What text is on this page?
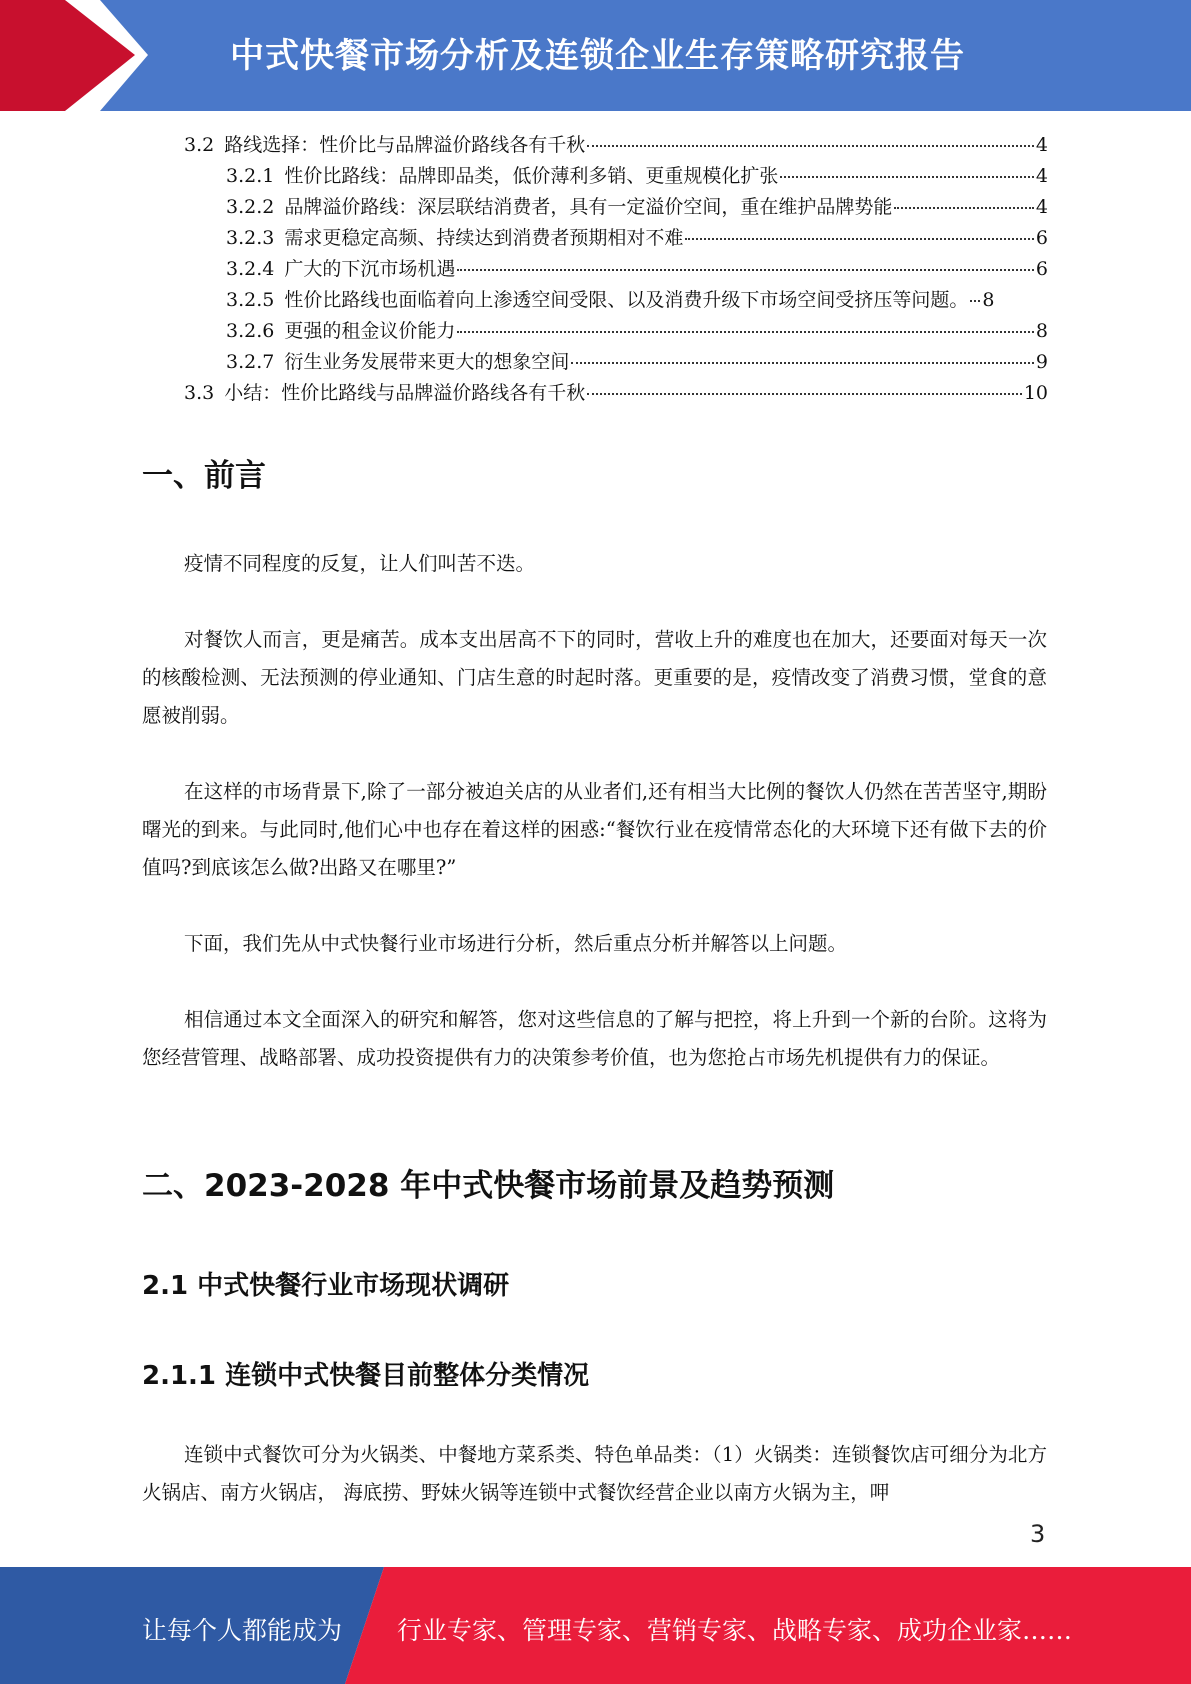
中式快餐市场分析及连锁企业生存策略研究报告
3.2 路线选择：性价比与品牌溢价路线各有千秋	4
3.2.1 性价比路线：品牌即品类，低价薄利多销、更重规模化扩张	4
3.2.2 品牌溢价路线：深层联结消费者，具有一定溢价空间，重在维护品牌势能	4
3.2.3 需求更稳定高频、持续达到消费者预期相对不难	6
3.2.4 广大的下沉市场机遇	6
3.2.5 性价比路线也面临着向上渗透空间受限、以及消费升级下市场空间受挤压等问题。 8
3.2.6 更强的租金议价能力	8
3.2.7 衍生业务发展带来更大的想象空间	9
3.3 小结：性价比路线与品牌溢价路线各有千秋	10
一、前言
疫情不同程度的反复，让人们叫苦不迭。
对餐饮人而言，更是痛苦。成本支出居高不下的同时，营收上升的难度也在加大，还要面对每天一次的核酸检测、无法预测的停业通知、门店生意的时起时落。更重要的是，疫情改变了消费习惯，堂食的意愿被削弱。
在这样的市场背景下,除了一部分被迫关店的从业者们,还有相当大比例的餐饮人仍然在苦苦坚守,期盼曙光的到来。与此同时,他们心中也存在着这样的困惑:“餐饮行业在疫情常态化的大环境下还有做下去的价值吗?到底该怎么做?出路又在哪里?”
下面，我们先从中式快餐行业市场进行分析，然后重点分析并解答以上问题。
相信通过本文全面深入的研究和解答，您对这些信息的了解与把控，将上升到一个新的台阶。这将为您经营管理、战略部署、成功投资提供有力的决策参考价值，也为您抢占市场先机提供有力的保证。
二、2023-2028 年中式快餐市场前景及趋势预测
2.1 中式快餐行业市场现状调研
2.1.1 连锁中式快餐目前整体分类情况
连锁中式餐饮可分为火锅类、中餐地方菜系类、特色单品类：（1）火锅类：连锁餐饮店可细分为北方火锅店、南方火锅店， 海底捞、野妹火锅等连锁中式餐饮经营企业以南方火锅为主，呷
3
让每个人都能成为 行业专家、管理专家、营销专家、战略专家、成功企业家……
